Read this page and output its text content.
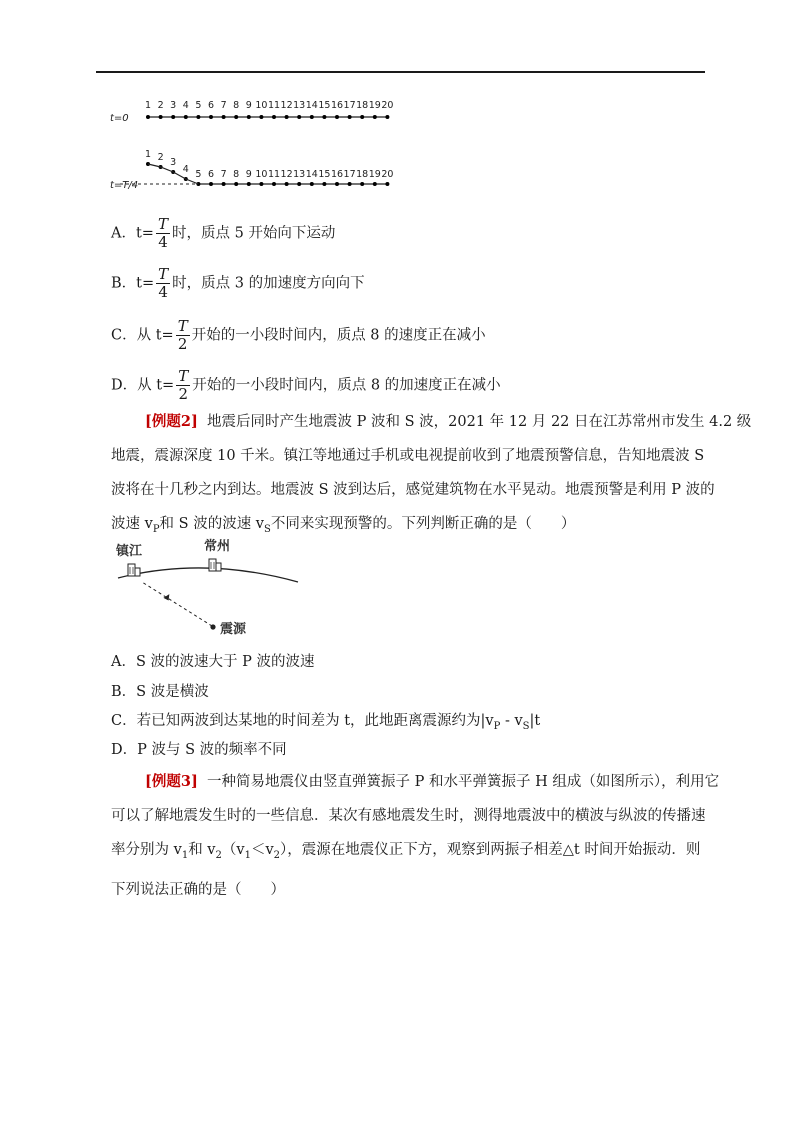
t=0
1 2 3 4 5 6 7 8 9 10 11 12 13 14 15 16 17 18 19 20
t=T/4
1 2 3
4 5 6 7 8 9 10 11 12 13 14 15 16 17 18 19 20
A．$t= \frac{T}{4}$ 时，质点 5 开始向下运动
B．$t= \frac{T}{4}$ 时，质点 3 的加速度方向向下
C．从 $t= \frac{T}{2}$ 开始的一小段时间内，质点 8 的速度正在减小
D．从 $t= \frac{T}{2}$ 开始的一小段时间内，质点 8 的加速度正在减小
[例题2] 地震后同时产生地震波 P 波和 S 波，2021 年 12 月 22 日在江苏常州市发生 4.2 级
地震，震源深度 10 千米。镇江等地通过手机或电视提前收到了地震预警信息，告知地震波 S
波将在十几秒之内到达。地震波 S 波到达后，感觉建筑物在水平晃动。地震预警是利用 P 波的
波速 $v_P$和 S 波的波速 $v_S$不同来实现预警的。下列判断正确的是（　　）
镇江	常州
震源
A．S 波的波速大于 P 波的波速
B．S 波是横波
C．若已知两波到达某地的时间差为 t，此地距离震源约为$|v_P - v_S|t$
D．P 波与 S 波的频率不同
[例题3] 一种简易地震仪由竖直弹簧振子 P 和水平弹簧振子 H 组成（如图所示），利用它
可以了解地震发生时的一些信息．某次有感地震发生时，测得地震波中的横波与纵波的传播速
率分别为 $v_1$和 $v_2(v_1<v_2)$，震源在地震仪正下方，观察到两振子相差△t 时间开始振动．则
下列说法正确的是（　　）
